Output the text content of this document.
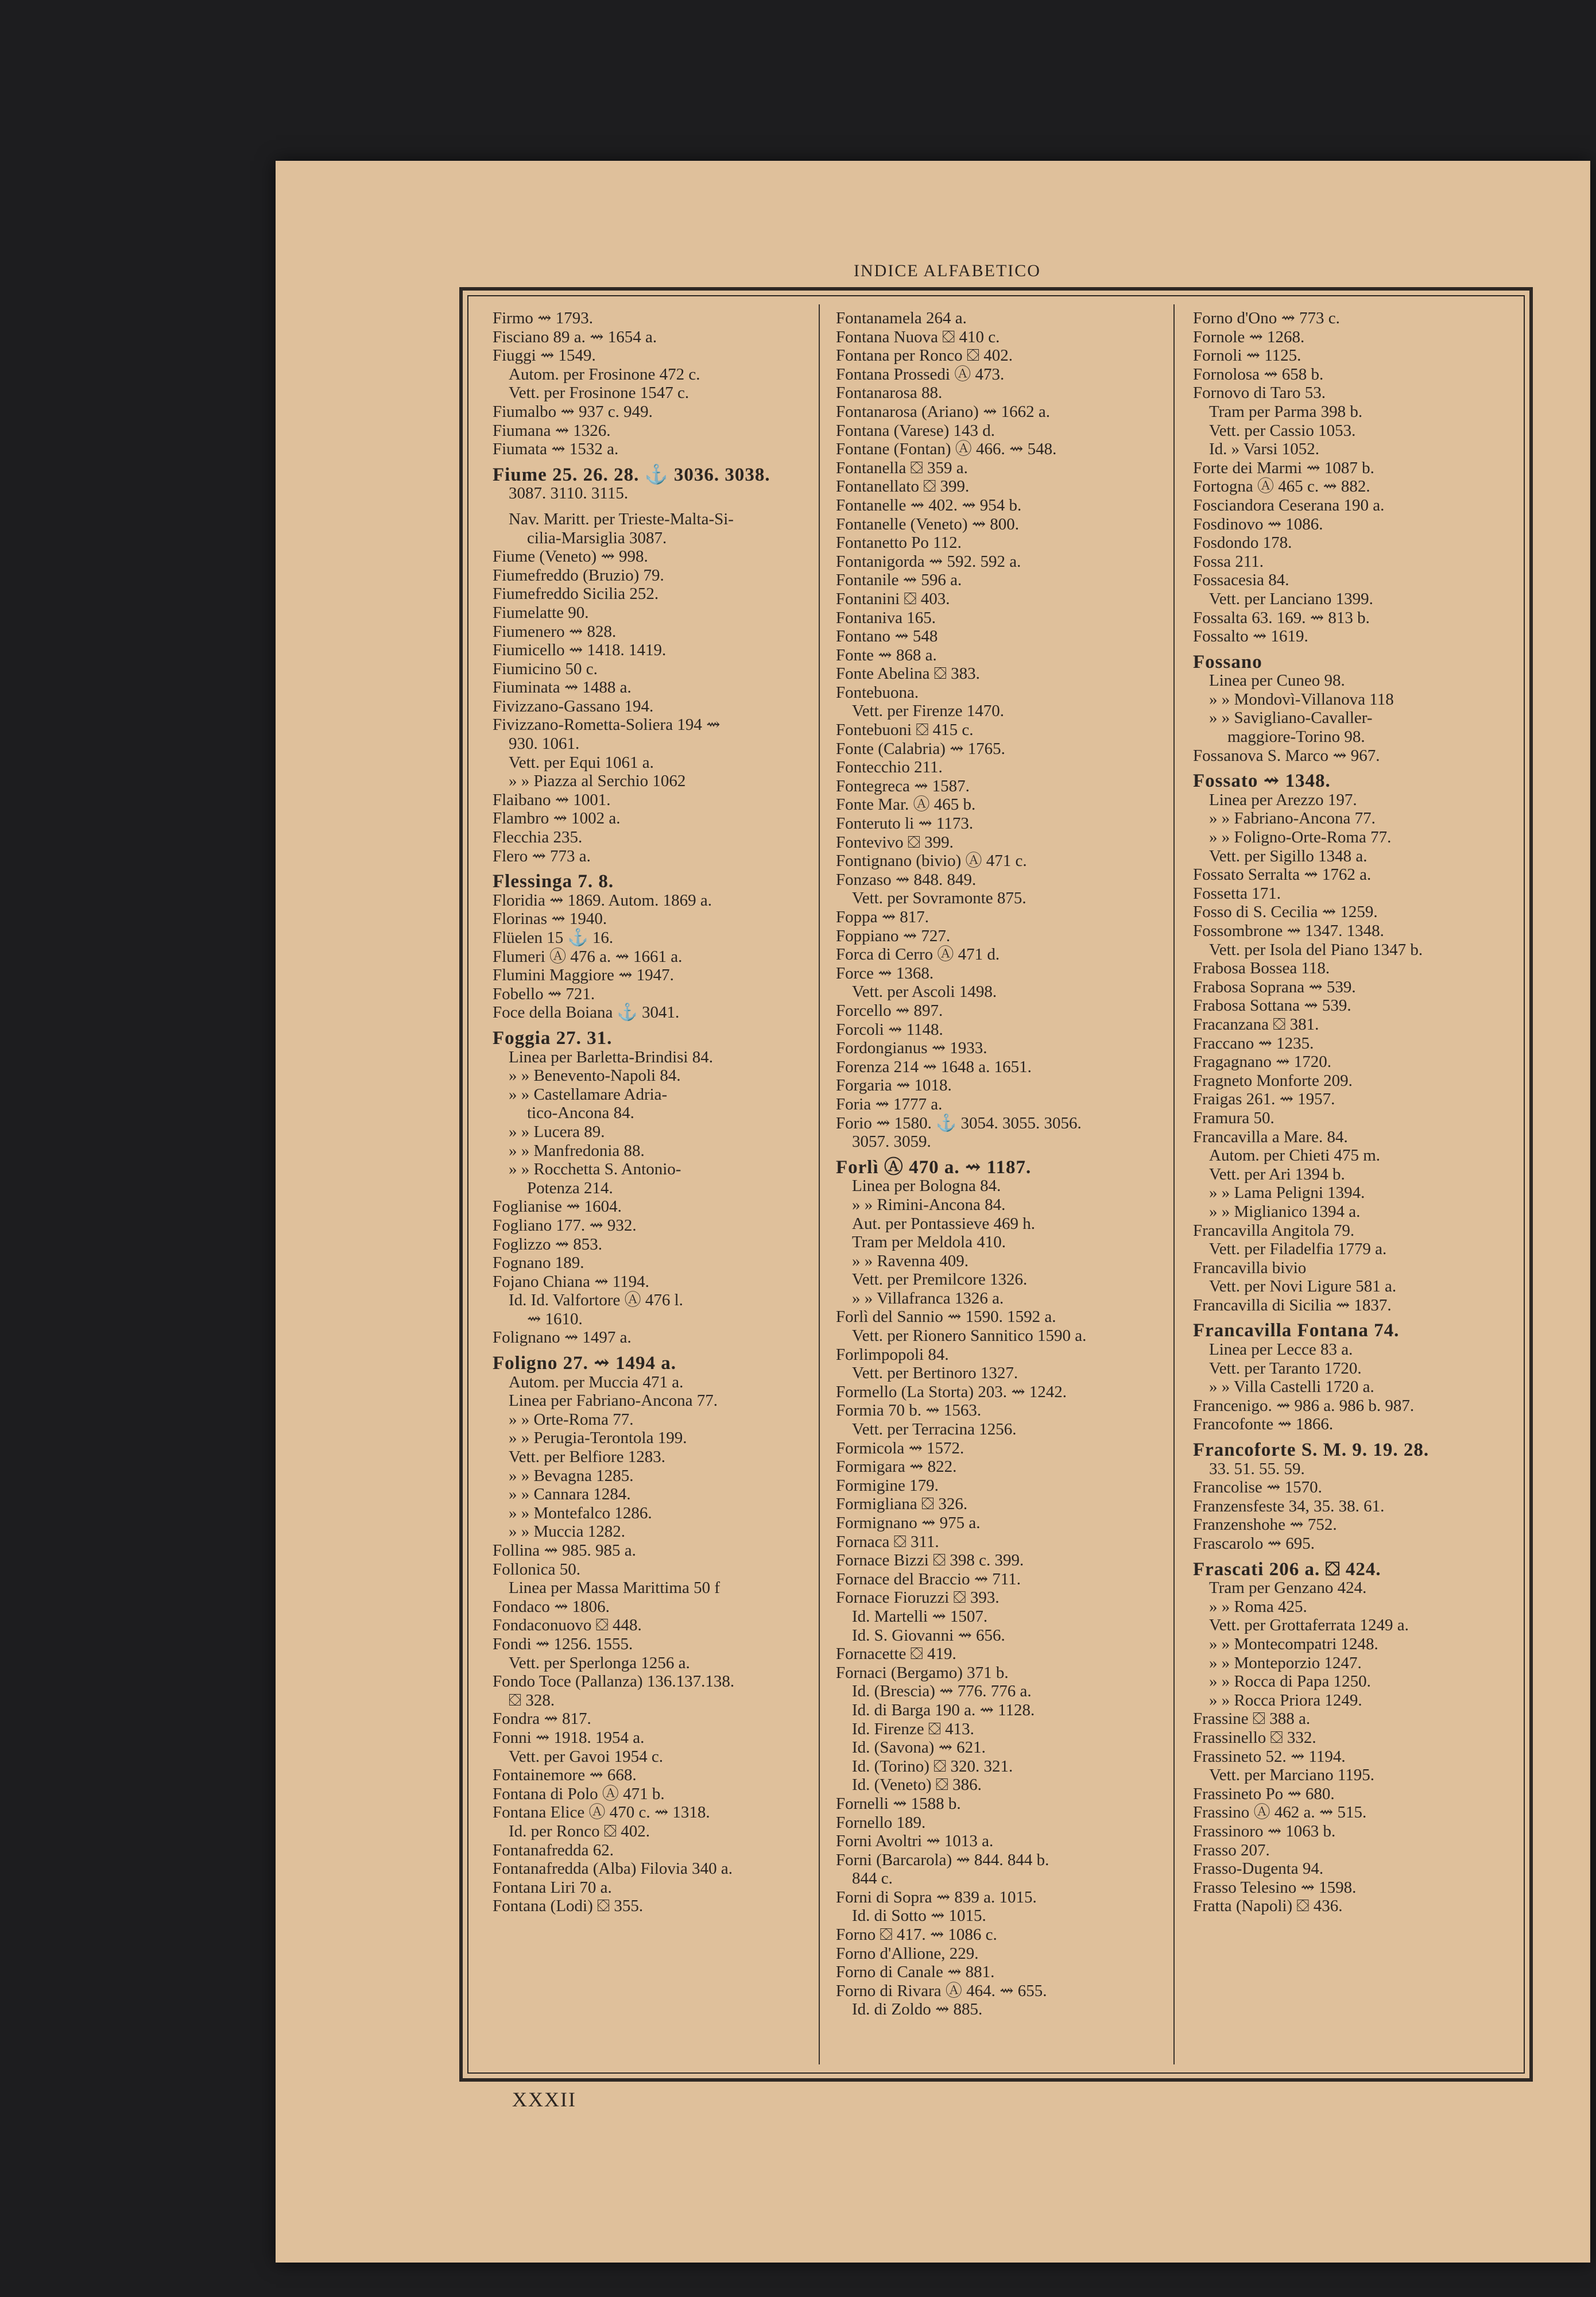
INDICE ALFABETICO

Firmo ⇝ 1793.

Fisciano 89 a. ⇝ 1654 a.

Fiuggi ⇝ 1549.

Autom. per Frosinone 472 c.

Vett. per Frosinone 1547 c.

Fiumalbo ⇝ 937 c. 949.

Fiumana ⇝ 1326.

Fiumata ⇝ 1532 a.

Fiume 25. 26. 28. ⚓ 3036. 3038.

3087. 3110. 3115.

Nav. Maritt. per Trieste-Malta-Si-

cilia-Marsiglia 3087.

Fiume (Veneto) ⇝ 998.

Fiumefreddo (Bruzio) 79.

Fiumefreddo Sicilia 252.

Fiumelatte 90.

Fiumenero ⇝ 828.

Fiumicello ⇝ 1418. 1419.

Fiumicino 50 c.

Fiuminata ⇝ 1488 a.

Fivizzano-Gassano 194.

Fivizzano-Rometta-Soliera 194 ⇝

930. 1061.

Vett. per Equi 1061 a.

» » Piazza al Serchio 1062

Flaibano ⇝ 1001.

Flambro ⇝ 1002 a.

Flecchia 235.

Flero ⇝ 773 a.

Flessinga 7. 8.

Floridia ⇝ 1869. Autom. 1869 a.

Florinas ⇝ 1940.

Flüelen 15 ⚓ 16.

Flumeri Ⓐ 476 a. ⇝ 1661 a.

Flumini Maggiore ⇝ 1947.

Fobello ⇝ 721.

Foce della Boiana ⚓ 3041.

Foggia 27. 31.

Linea per Barletta-Brindisi 84.

» » Benevento-Napoli 84.

» » Castellamare Adria-

tico-Ancona 84.

» » Lucera 89.

» » Manfredonia 88.

» » Rocchetta S. Antonio-

Potenza 214.

Foglianise ⇝ 1604.

Fogliano 177. ⇝ 932.

Foglizzo ⇝ 853.

Fognano 189.

Fojano Chiana ⇝ 1194.

Id. Id. Valfortore Ⓐ 476 l.

⇝ 1610.

Folignano ⇝ 1497 a.

Foligno 27. ⇝ 1494 a.

Autom. per Muccia 471 a.

Linea per Fabriano-Ancona 77.

» » Orte-Roma 77.

» » Perugia-Terontola 199.

Vett. per Belfiore 1283.

» » Bevagna 1285.

» » Cannara 1284.

» » Montefalco 1286.

» » Muccia 1282.

Follina ⇝ 985. 985 a.

Follonica 50.

Linea per Massa Marittima 50 f

Fondaco ⇝ 1806.

Fondaconuovo ⛋ 448.

Fondi ⇝ 1256. 1555.

Vett. per Sperlonga 1256 a.

Fondo Toce (Pallanza) 136.137.138.

⛋ 328.

Fondra ⇝ 817.

Fonni ⇝ 1918. 1954 a.

Vett. per Gavoi 1954 c.

Fontainemore ⇝ 668.

Fontana di Polo Ⓐ 471 b.

Fontana Elice Ⓐ 470 c. ⇝ 1318.

Id. per Ronco ⛋ 402.

Fontanafredda 62.

Fontanafredda (Alba) Filovia 340 a.

Fontana Liri 70 a.

Fontana (Lodi) ⛋ 355.

Fontanamela 264 a.

Fontana Nuova ⛋ 410 c.

Fontana per Ronco ⛋ 402.

Fontana Prossedi Ⓐ 473.

Fontanarosa 88.

Fontanarosa (Ariano) ⇝ 1662 a.

Fontana (Varese) 143 d.

Fontane (Fontan) Ⓐ 466. ⇝ 548.

Fontanella ⛋ 359 a.

Fontanellato ⛋ 399.

Fontanelle ⇝ 402. ⇝ 954 b.

Fontanelle (Veneto) ⇝ 800.

Fontanetto Po 112.

Fontanigorda ⇝ 592. 592 a.

Fontanile ⇝ 596 a.

Fontanini ⛋ 403.

Fontaniva 165.

Fontano ⇝ 548

Fonte ⇝ 868 a.

Fonte Abelina ⛋ 383.

Fontebuona.

Vett. per Firenze 1470.

Fontebuoni ⛋ 415 c.

Fonte (Calabria) ⇝ 1765.

Fontecchio 211.

Fontegreca ⇝ 1587.

Fonte Mar. Ⓐ 465 b.

Fonteruto li ⇝ 1173.

Fontevivo ⛋ 399.

Fontignano (bivio) Ⓐ 471 c.

Fonzaso ⇝ 848. 849.

Vett. per Sovramonte 875.

Foppa ⇝ 817.

Foppiano ⇝ 727.

Forca di Cerro Ⓐ 471 d.

Force ⇝ 1368.

Vett. per Ascoli 1498.

Forcello ⇝ 897.

Forcoli ⇝ 1148.

Fordongianus ⇝ 1933.

Forenza 214 ⇝ 1648 a. 1651.

Forgaria ⇝ 1018.

Foria ⇝ 1777 a.

Forio ⇝ 1580. ⚓ 3054. 3055. 3056.

3057. 3059.

Forlì Ⓐ 470 a. ⇝ 1187.

Linea per Bologna 84.

» » Rimini-Ancona 84.

Aut. per Pontassieve 469 h.

Tram per Meldola 410.

» » Ravenna 409.

Vett. per Premilcore 1326.

» » Villafranca 1326 a.

Forlì del Sannio ⇝ 1590. 1592 a.

Vett. per Rionero Sannitico 1590 a.

Forlimpopoli 84.

Vett. per Bertinoro 1327.

Formello (La Storta) 203. ⇝ 1242.

Formia 70 b. ⇝ 1563.

Vett. per Terracina 1256.

Formicola ⇝ 1572.

Formigara ⇝ 822.

Formigine 179.

Formigliana ⛋ 326.

Formignano ⇝ 975 a.

Fornaca ⛋ 311.

Fornace Bizzi ⛋ 398 c. 399.

Fornace del Braccio ⇝ 711.

Fornace Fioruzzi ⛋ 393.

Id. Martelli ⇝ 1507.

Id. S. Giovanni ⇝ 656.

Fornacette ⛋ 419.

Fornaci (Bergamo) 371 b.

Id. (Brescia) ⇝ 776. 776 a.

Id. di Barga 190 a. ⇝ 1128.

Id. Firenze ⛋ 413.

Id. (Savona) ⇝ 621.

Id. (Torino) ⛋ 320. 321.

Id. (Veneto) ⛋ 386.

Fornelli ⇝ 1588 b.

Fornello 189.

Forni Avoltri ⇝ 1013 a.

Forni (Barcarola) ⇝ 844. 844 b.

844 c.

Forni di Sopra ⇝ 839 a. 1015.

Id. di Sotto ⇝ 1015.

Forno ⛋ 417. ⇝ 1086 c.

Forno d'Allione, 229.

Forno di Canale ⇝ 881.

Forno di Rivara Ⓐ 464. ⇝ 655.

Id. di Zoldo ⇝ 885.

Forno d'Ono ⇝ 773 c.

Fornole ⇝ 1268.

Fornoli ⇝ 1125.

Fornolosa ⇝ 658 b.

Fornovo di Taro 53.

Tram per Parma 398 b.

Vett. per Cassio 1053.

Id. » Varsi 1052.

Forte dei Marmi ⇝ 1087 b.

Fortogna Ⓐ 465 c. ⇝ 882.

Fosciandora Ceserana 190 a.

Fosdinovo ⇝ 1086.

Fosdondo 178.

Fossa 211.

Fossacesia 84.

Vett. per Lanciano 1399.

Fossalta 63. 169. ⇝ 813 b.

Fossalto ⇝ 1619.

Fossano

Linea per Cuneo 98.

» » Mondovì-Villanova 118

» » Savigliano-Cavaller-

maggiore-Torino 98.

Fossanova S. Marco ⇝ 967.

Fossato ⇝ 1348.

Linea per Arezzo 197.

» » Fabriano-Ancona 77.

» » Foligno-Orte-Roma 77.

Vett. per Sigillo 1348 a.

Fossato Serralta ⇝ 1762 a.

Fossetta 171.

Fosso di S. Cecilia ⇝ 1259.

Fossombrone ⇝ 1347. 1348.

Vett. per Isola del Piano 1347 b.

Frabosa Bossea 118.

Frabosa Soprana ⇝ 539.

Frabosa Sottana ⇝ 539.

Fracanzana ⛋ 381.

Fraccano ⇝ 1235.

Fragagnano ⇝ 1720.

Fragneto Monforte 209.

Fraigas 261. ⇝ 1957.

Framura 50.

Francavilla a Mare. 84.

Autom. per Chieti 475 m.

Vett. per Ari 1394 b.

» » Lama Peligni 1394.

» » Miglianico 1394 a.

Francavilla Angitola 79.

Vett. per Filadelfia 1779 a.

Francavilla bivio

Vett. per Novi Ligure 581 a.

Francavilla di Sicilia ⇝ 1837.

Francavilla Fontana 74.

Linea per Lecce 83 a.

Vett. per Taranto 1720.

» » Villa Castelli 1720 a.

Francenigo. ⇝ 986 a. 986 b. 987.

Francofonte ⇝ 1866.

Francoforte S. M. 9. 19. 28.

33. 51. 55. 59.

Francolise ⇝ 1570.

Franzensfeste 34, 35. 38. 61.

Franzenshohe ⇝ 752.

Frascarolo ⇝ 695.

Frascati 206 a. ⛋ 424.

Tram per Genzano 424.

» » Roma 425.

Vett. per Grottaferrata 1249 a.

» » Montecompatri 1248.

» » Monteporzio 1247.

» » Rocca di Papa 1250.

» » Rocca Priora 1249.

Frassine ⛋ 388 a.

Frassinello ⛋ 332.

Frassineto 52. ⇝ 1194.

Vett. per Marciano 1195.

Frassineto Po ⇝ 680.

Frassino Ⓐ 462 a. ⇝ 515.

Frassinoro ⇝ 1063 b.

Frasso 207.

Frasso-Dugenta 94.

Frasso Telesino ⇝ 1598.

Fratta (Napoli) ⛋ 436.

XXXII
